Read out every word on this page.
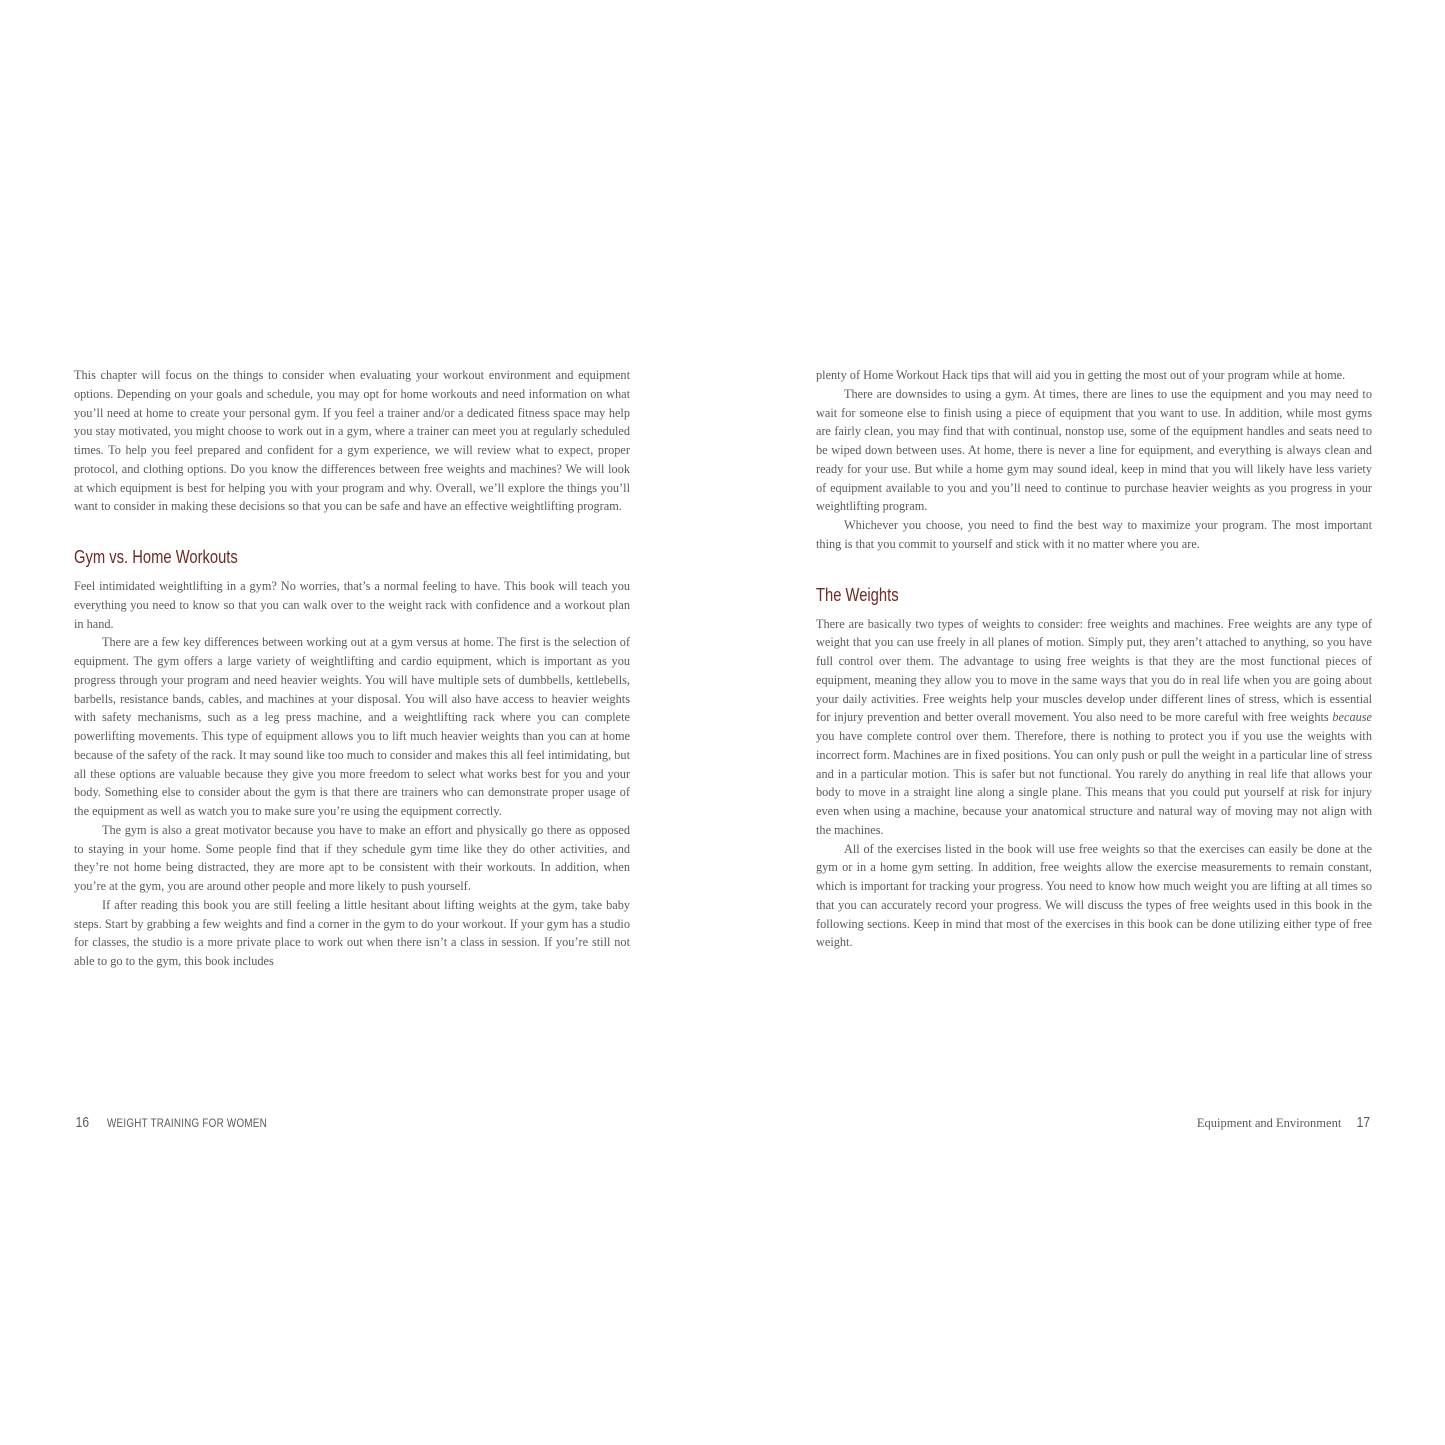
This chapter will focus on the things to consider when evaluating your workout environment and equipment options. Depending on your goals and schedule, you may opt for home workouts and need information on what you’ll need at home to create your personal gym. If you feel a trainer and/or a dedicated fitness space may help you stay motivated, you might choose to work out in a gym, where a trainer can meet you at regularly scheduled times. To help you feel prepared and confident for a gym experience, we will review what to expect, proper protocol, and clothing options. Do you know the differences between free weights and machines? We will look at which equipment is best for helping you with your program and why. Overall, we’ll explore the things you’ll want to consider in making these decisions so that you can be safe and have an effective weightlifting program.

Gym vs. Home Workouts

Feel intimidated weightlifting in a gym? No worries, that’s a normal feeling to have. This book will teach you everything you need to know so that you can walk over to the weight rack with confidence and a workout plan in hand.

There are a few key differences between working out at a gym versus at home. The first is the selection of equipment. The gym offers a large variety of weightlifting and cardio equipment, which is important as you progress through your program and need heavier weights. You will have multiple sets of dumbbells, kettlebells, barbells, resistance bands, cables, and machines at your disposal. You will also have access to heavier weights with safety mechanisms, such as a leg press machine, and a weightlifting rack where you can complete powerlifting movements. This type of equipment allows you to lift much heavier weights than you can at home because of the safety of the rack. It may sound like too much to consider and makes this all feel intimidating, but all these options are valuable because they give you more freedom to select what works best for you and your body. Something else to consider about the gym is that there are trainers who can demonstrate proper usage of the equipment as well as watch you to make sure you’re using the equipment correctly.

The gym is also a great motivator because you have to make an effort and physically go there as opposed to staying in your home. Some people find that if they schedule gym time like they do other activities, and they’re not home being distracted, they are more apt to be consistent with their workouts. In addition, when you’re at the gym, you are around other people and more likely to push yourself.

If after reading this book you are still feeling a little hesitant about lifting weights at the gym, take baby steps. Start by grabbing a few weights and find a corner in the gym to do your workout. If your gym has a studio for classes, the studio is a more private place to work out when there isn’t a class in session. If you’re still not able to go to the gym, this book includes

plenty of Home Workout Hack tips that will aid you in getting the most out of your program while at home.

There are downsides to using a gym. At times, there are lines to use the equipment and you may need to wait for someone else to finish using a piece of equipment that you want to use. In addition, while most gyms are fairly clean, you may find that with continual, nonstop use, some of the equipment handles and seats need to be wiped down between uses. At home, there is never a line for equipment, and everything is always clean and ready for your use. But while a home gym may sound ideal, keep in mind that you will likely have less variety of equipment available to you and you’ll need to continue to purchase heavier weights as you progress in your weightlifting program.

Whichever you choose, you need to find the best way to maximize your program. The most important thing is that you commit to yourself and stick with it no matter where you are.

The Weights

There are basically two types of weights to consider: free weights and machines. Free weights are any type of weight that you can use freely in all planes of motion. Simply put, they aren’t attached to anything, so you have full control over them. The advantage to using free weights is that they are the most functional pieces of equipment, meaning they allow you to move in the same ways that you do in real life when you are going about your daily activities. Free weights help your muscles develop under different lines of stress, which is essential for injury prevention and better overall movement. You also need to be more careful with free weights because you have complete control over them. Therefore, there is nothing to protect you if you use the weights with incorrect form. Machines are in fixed positions. You can only push or pull the weight in a particular line of stress and in a particular motion. This is safer but not functional. You rarely do anything in real life that allows your body to move in a straight line along a single plane. This means that you could put yourself at risk for injury even when using a machine, because your anatomical structure and natural way of moving may not align with the machines.

All of the exercises listed in the book will use free weights so that the exercises can easily be done at the gym or in a home gym setting. In addition, free weights allow the exercise measurements to remain constant, which is important for tracking your progress. You need to know how much weight you are lifting at all times so that you can accurately record your progress. We will discuss the types of free weights used in this book in the following sections. Keep in mind that most of the exercises in this book can be done utilizing either type of free weight.

16 WEIGHT TRAINING FOR WOMEN	Equipment and Environment 17
